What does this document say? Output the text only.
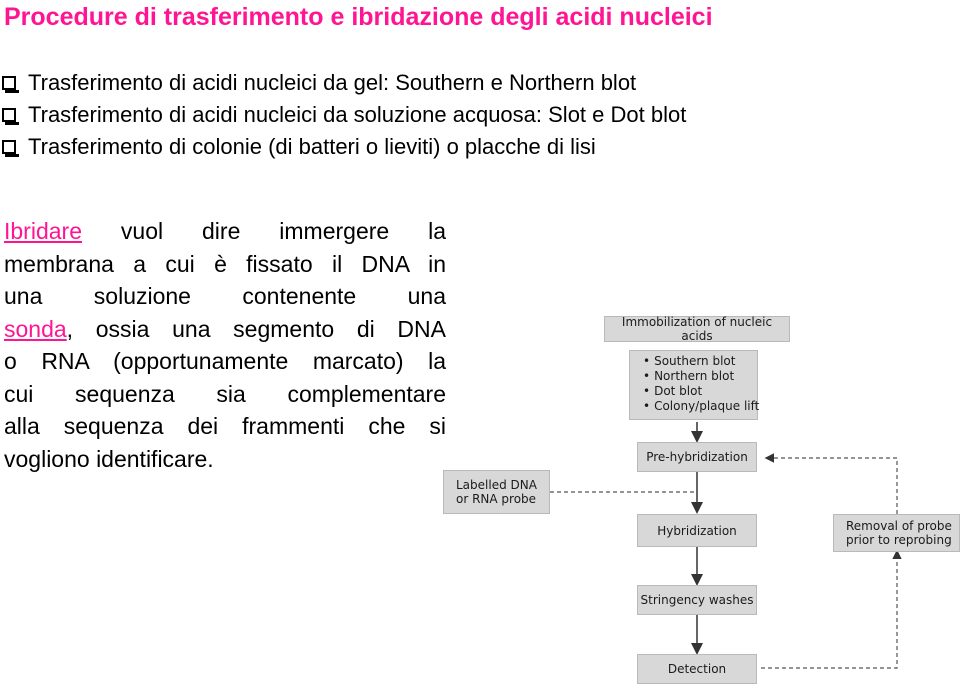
Procedure di trasferimento e ibridazione degli acidi nucleici
Trasferimento di acidi nucleici da gel: Southern e Northern blot
Trasferimento di acidi nucleici da soluzione acquosa: Slot e Dot blot
Trasferimento di colonie (di batteri o lieviti) o placche di lisi
Ibridare vuol dire immergere la
membrana a cui è fissato il DNA in
una soluzione contenente una
sonda, ossia una segmento di DNA
o RNA (opportunamente marcato) la
cui sequenza sia complementare
alla sequenza dei frammenti che si
vogliono identificare.
Immobilization of nucleic acids
• Southern blot
• Northern blot
• Dot blot
• Colony/plaque lift
Pre-hybridization
Labelled DNA
or RNA probe
Hybridization	Removal of probe
prior to reprobing
Stringency washes
Detection
